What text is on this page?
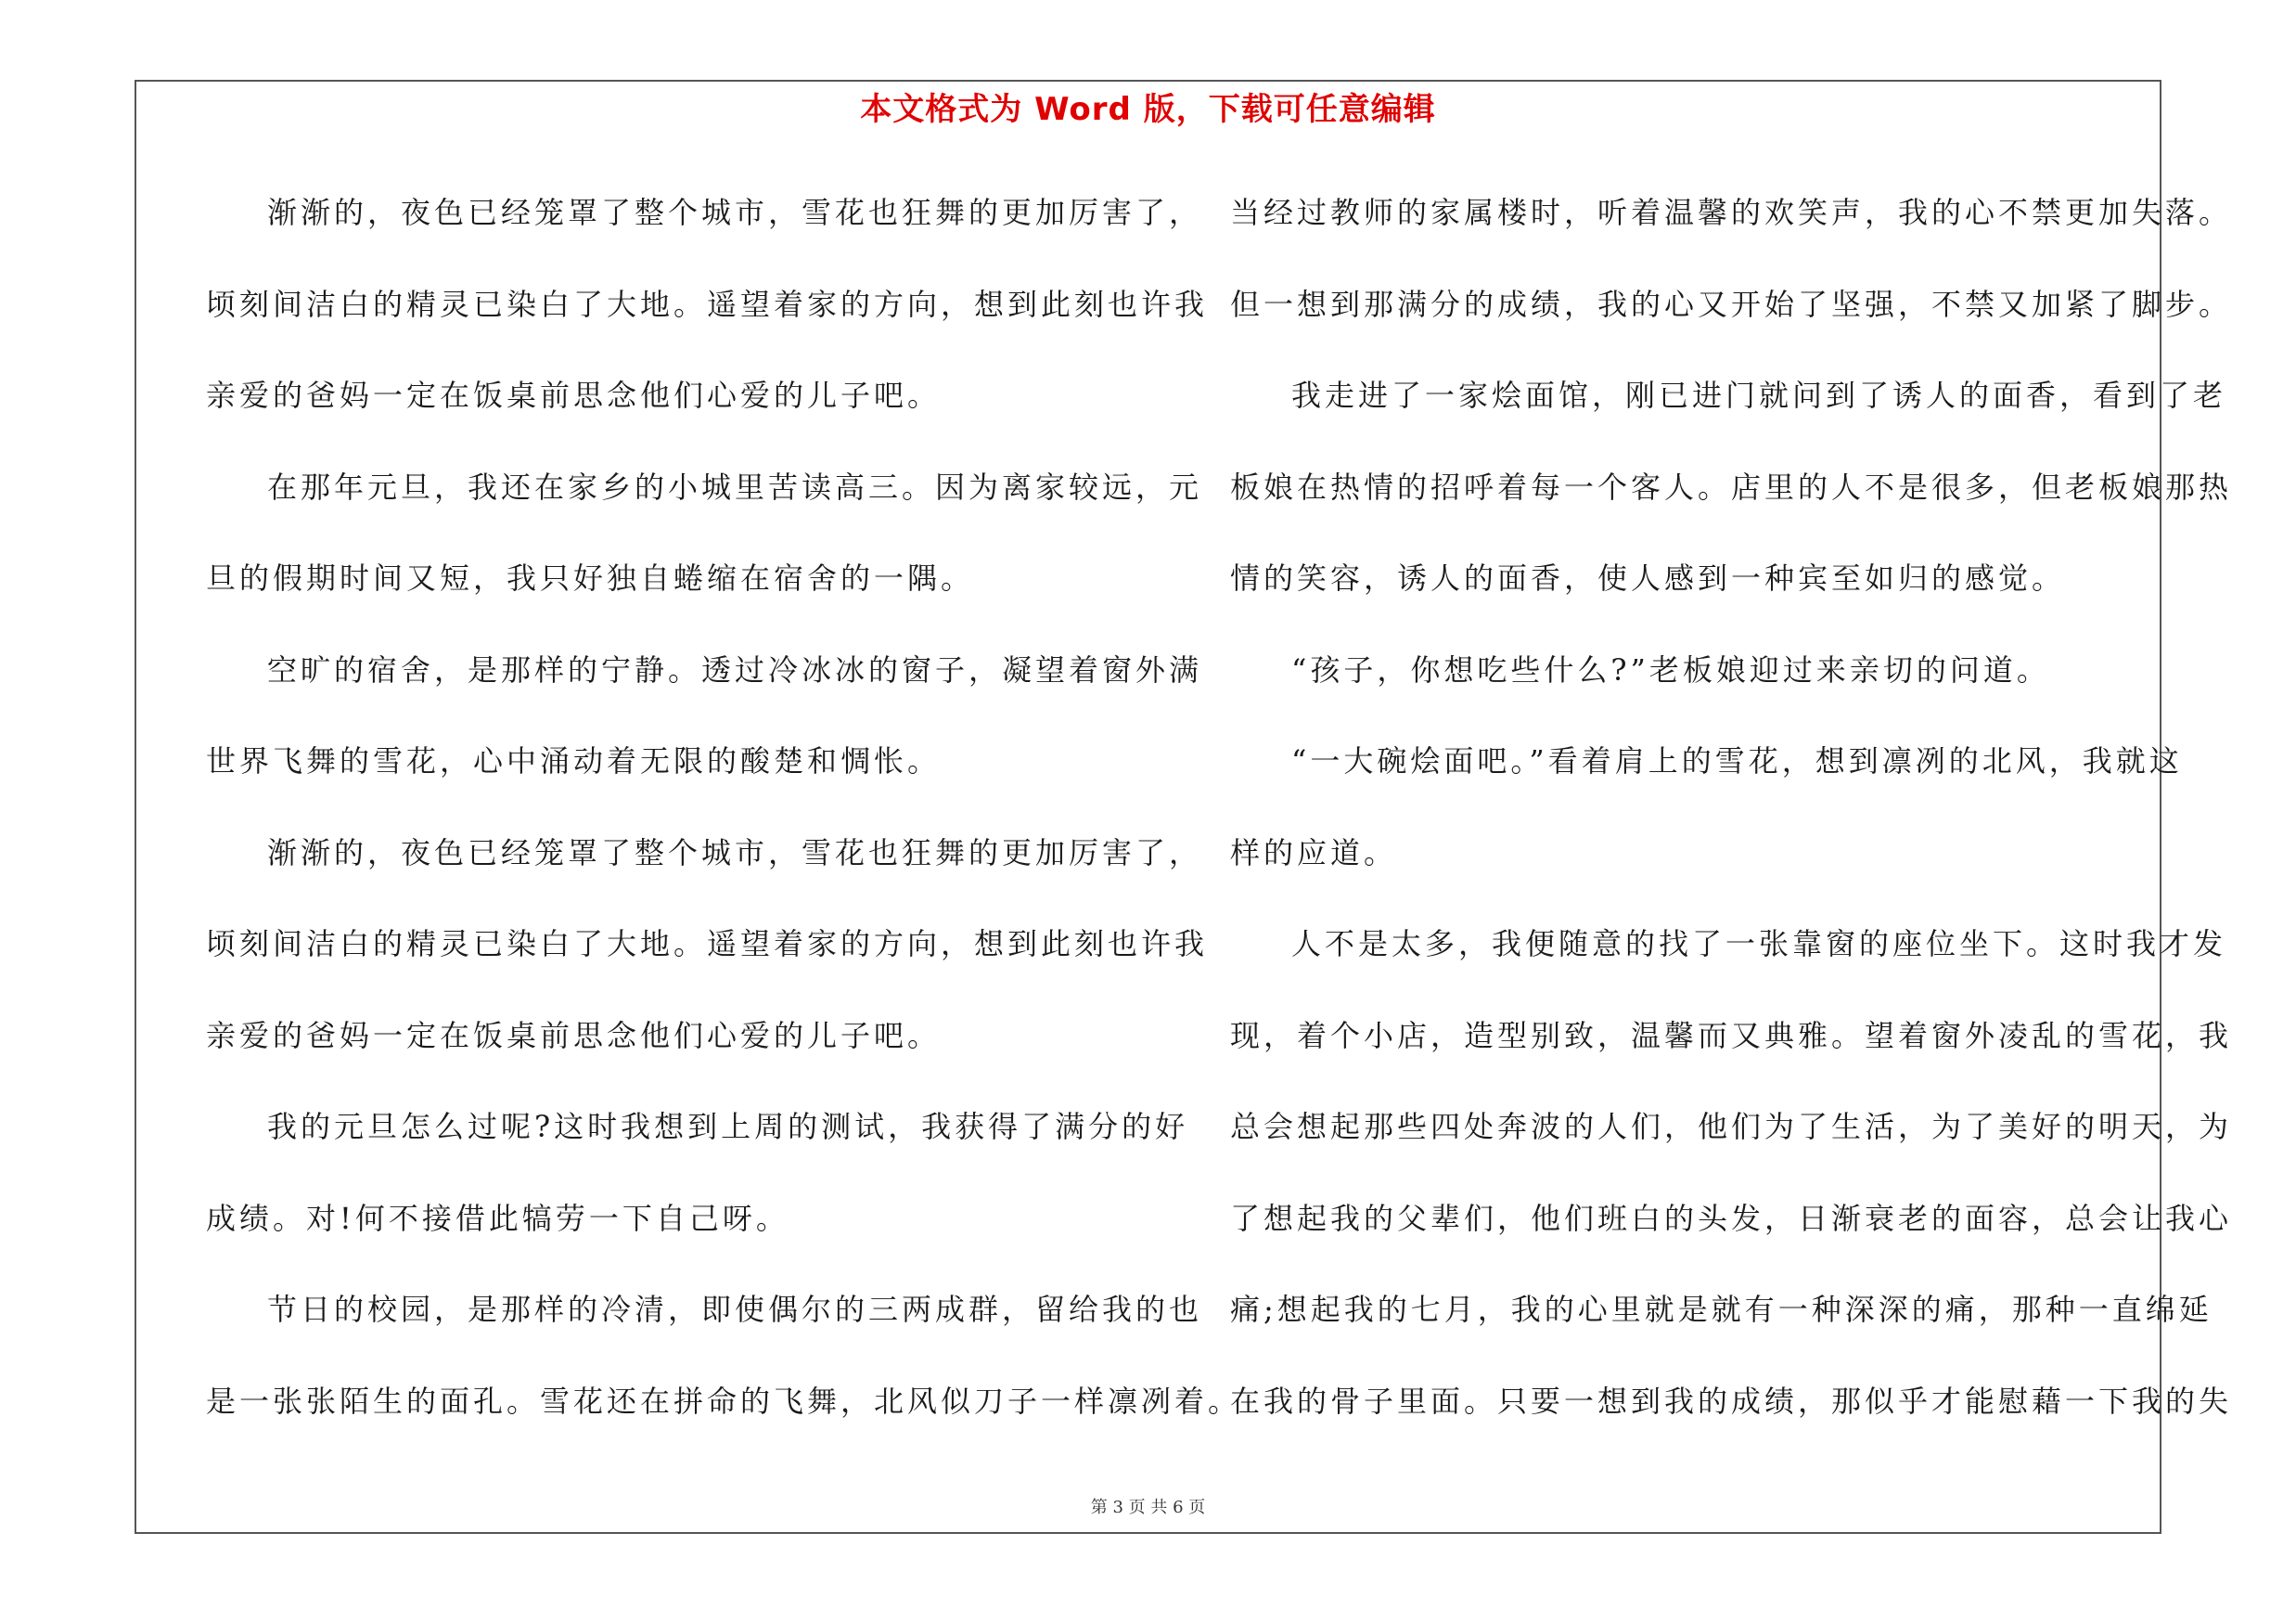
本文格式为 Word 版，下载可任意编辑
渐渐的，夜色已经笼罩了整个城市，雪花也狂舞的更加厉害了，
顷刻间洁白的精灵已染白了大地。遥望着家的方向，想到此刻也许我
亲爱的爸妈一定在饭桌前思念他们心爱的儿子吧。
在那年元旦，我还在家乡的小城里苦读高三。因为离家较远，元
旦的假期时间又短，我只好独自蜷缩在宿舍的一隅。
空旷的宿舍，是那样的宁静。透过冷冰冰的窗子，凝望着窗外满
世界飞舞的雪花，心中涌动着无限的酸楚和惆怅。
渐渐的，夜色已经笼罩了整个城市，雪花也狂舞的更加厉害了，
顷刻间洁白的精灵已染白了大地。遥望着家的方向，想到此刻也许我
亲爱的爸妈一定在饭桌前思念他们心爱的儿子吧。
我的元旦怎么过呢?这时我想到上周的测试，我获得了满分的好
成绩。对!何不接借此犒劳一下自己呀。
节日的校园，是那样的冷清，即使偶尔的三两成群，留给我的也
是一张张陌生的面孔。雪花还在拼命的飞舞，北风似刀子一样凛冽着。
当经过教师的家属楼时，听着温馨的欢笑声，我的心不禁更加失落。
但一想到那满分的成绩，我的心又开始了坚强，不禁又加紧了脚步。
我走进了一家烩面馆，刚已进门就问到了诱人的面香，看到了老
板娘在热情的招呼着每一个客人。店里的人不是很多，但老板娘那热
情的笑容，诱人的面香，使人感到一种宾至如归的感觉。
“孩子，你想吃些什么?”老板娘迎过来亲切的问道。
“一大碗烩面吧。”看着肩上的雪花，想到凛冽的北风，我就这
样的应道。
人不是太多，我便随意的找了一张靠窗的座位坐下。这时我才发
现，着个小店，造型别致，温馨而又典雅。望着窗外凌乱的雪花，我
总会想起那些四处奔波的人们，他们为了生活，为了美好的明天，为
了想起我的父辈们，他们班白的头发，日渐衰老的面容，总会让我心
痛;想起我的七月，我的心里就是就有一种深深的痛，那种一直绵延
在我的骨子里面。只要一想到我的成绩，那似乎才能慰藉一下我的失
第 3 页 共 6 页
